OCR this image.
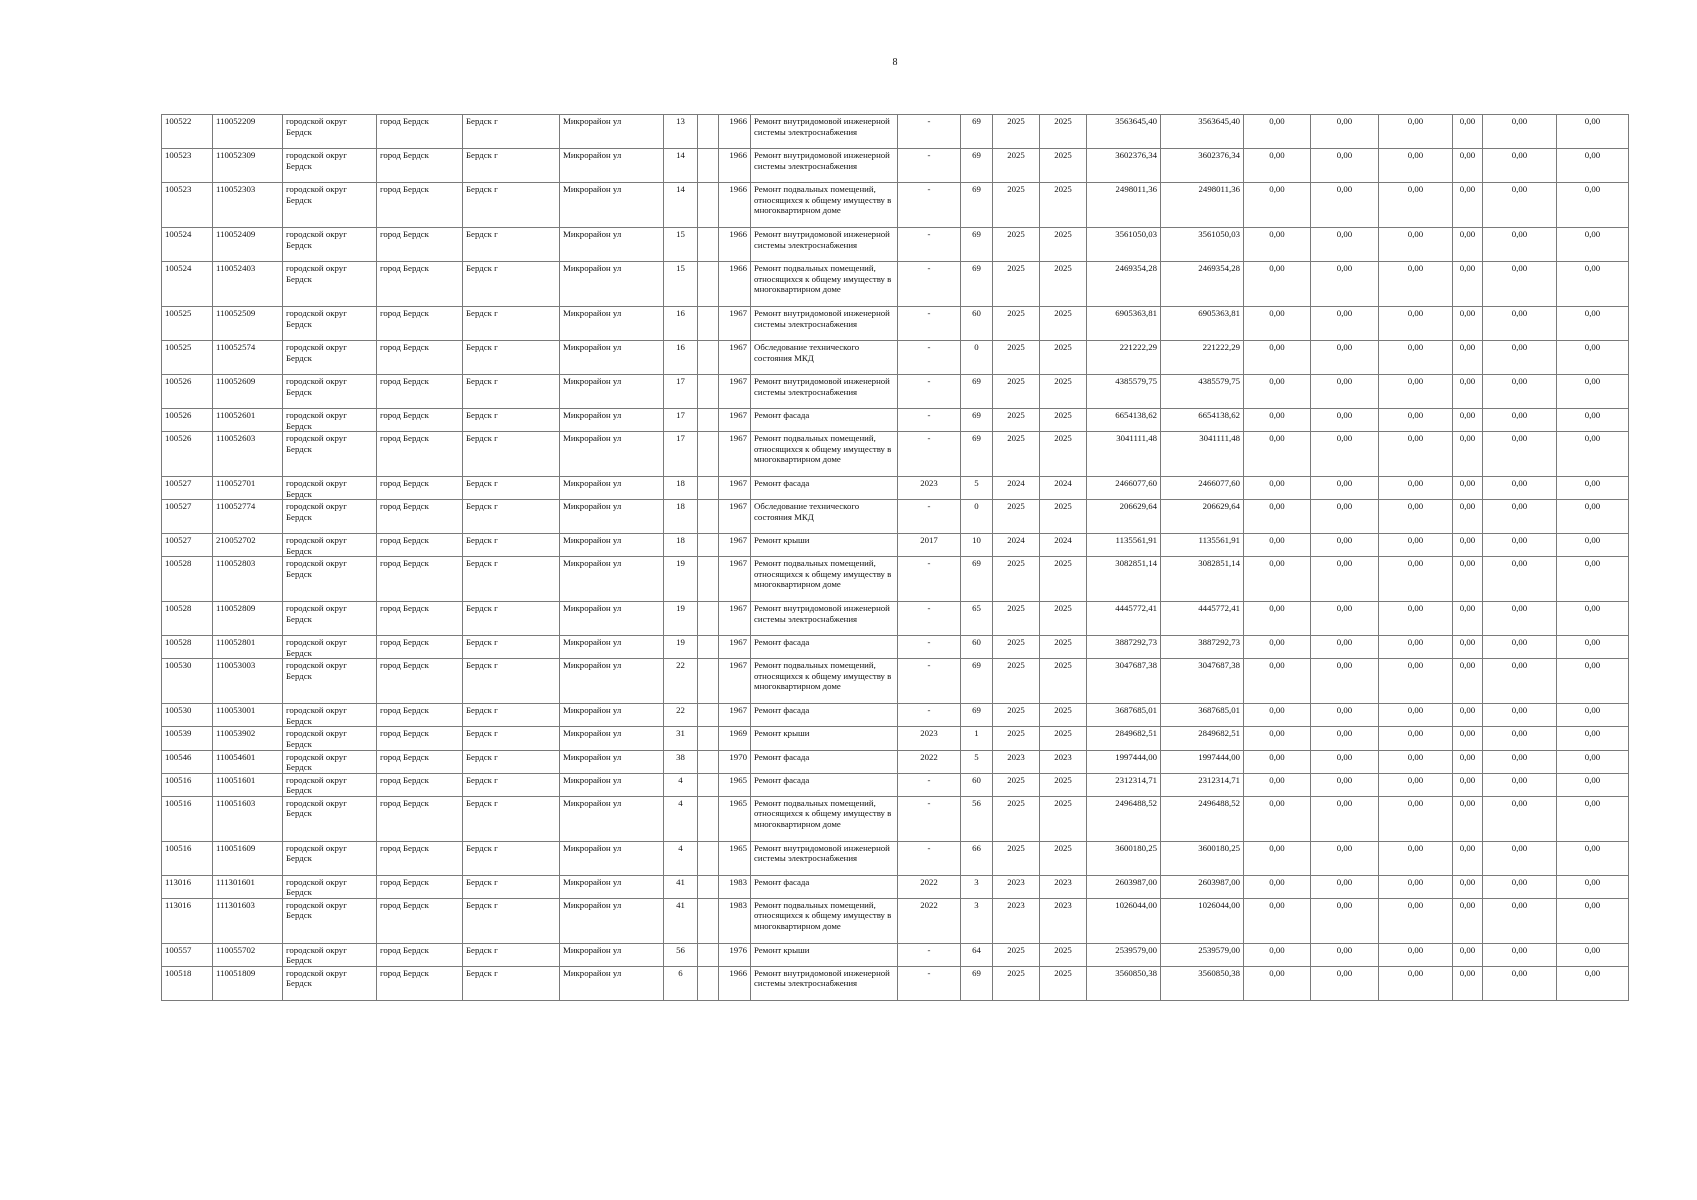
8
100522	110052209	городской округ Бердск	город Бердск	Бердск г	Микрорайон ул	13		1966	Ремонт внутридомовой инженерной системы электроснабжения	-	69	2025	2025	3563645,40	3563645,40	0,00	0,00	0,00	0,00	0,00	0,00
100523	110052309	городской округ Бердск	город Бердск	Бердск г	Микрорайон ул	14		1966	Ремонт внутридомовой инженерной системы электроснабжения	-	69	2025	2025	3602376,34	3602376,34	0,00	0,00	0,00	0,00	0,00	0,00
100523	110052303	городской округ Бердск	город Бердск	Бердск г	Микрорайон ул	14		1966	Ремонт подвальных помещений, относящихся к общему имуществу в многоквартирном доме	-	69	2025	2025	2498011,36	2498011,36	0,00	0,00	0,00	0,00	0,00	0,00
100524	110052409	городской округ Бердск	город Бердск	Бердск г	Микрорайон ул	15		1966	Ремонт внутридомовой инженерной системы электроснабжения	-	69	2025	2025	3561050,03	3561050,03	0,00	0,00	0,00	0,00	0,00	0,00
100524	110052403	городской округ Бердск	город Бердск	Бердск г	Микрорайон ул	15		1966	Ремонт подвальных помещений, относящихся к общему имуществу в многоквартирном доме	-	69	2025	2025	2469354,28	2469354,28	0,00	0,00	0,00	0,00	0,00	0,00
100525	110052509	городской округ Бердск	город Бердск	Бердск г	Микрорайон ул	16		1967	Ремонт внутридомовой инженерной системы электроснабжения	-	60	2025	2025	6905363,81	6905363,81	0,00	0,00	0,00	0,00	0,00	0,00
100525	110052574	городской округ Бердск	город Бердск	Бердск г	Микрорайон ул	16		1967	Обследование технического состояния МКД	-	0	2025	2025	221222,29	221222,29	0,00	0,00	0,00	0,00	0,00	0,00
100526	110052609	городской округ Бердск	город Бердск	Бердск г	Микрорайон ул	17		1967	Ремонт внутридомовой инженерной системы электроснабжения	-	69	2025	2025	4385579,75	4385579,75	0,00	0,00	0,00	0,00	0,00	0,00
100526	110052601	городской округ Бердск	город Бердск	Бердск г	Микрорайон ул	17		1967	Ремонт фасада	-	69	2025	2025	6654138,62	6654138,62	0,00	0,00	0,00	0,00	0,00	0,00
100526	110052603	городской округ Бердск	город Бердск	Бердск г	Микрорайон ул	17		1967	Ремонт подвальных помещений, относящихся к общему имуществу в многоквартирном доме	-	69	2025	2025	3041111,48	3041111,48	0,00	0,00	0,00	0,00	0,00	0,00
100527	110052701	городской округ Бердск	город Бердск	Бердск г	Микрорайон ул	18		1967	Ремонт фасада	2023	5	2024	2024	2466077,60	2466077,60	0,00	0,00	0,00	0,00	0,00	0,00
100527	110052774	городской округ Бердск	город Бердск	Бердск г	Микрорайон ул	18		1967	Обследование технического состояния МКД	-	0	2025	2025	206629,64	206629,64	0,00	0,00	0,00	0,00	0,00	0,00
100527	210052702	городской округ Бердск	город Бердск	Бердск г	Микрорайон ул	18		1967	Ремонт крыши	2017	10	2024	2024	1135561,91	1135561,91	0,00	0,00	0,00	0,00	0,00	0,00
100528	110052803	городской округ Бердск	город Бердск	Бердск г	Микрорайон ул	19		1967	Ремонт подвальных помещений, относящихся к общему имуществу в многоквартирном доме	-	69	2025	2025	3082851,14	3082851,14	0,00	0,00	0,00	0,00	0,00	0,00
100528	110052809	городской округ Бердск	город Бердск	Бердск г	Микрорайон ул	19		1967	Ремонт внутридомовой инженерной системы электроснабжения	-	65	2025	2025	4445772,41	4445772,41	0,00	0,00	0,00	0,00	0,00	0,00
100528	110052801	городской округ Бердск	город Бердск	Бердск г	Микрорайон ул	19		1967	Ремонт фасада	-	60	2025	2025	3887292,73	3887292,73	0,00	0,00	0,00	0,00	0,00	0,00
100530	110053003	городской округ Бердск	город Бердск	Бердск г	Микрорайон ул	22		1967	Ремонт подвальных помещений, относящихся к общему имуществу в многоквартирном доме	-	69	2025	2025	3047687,38	3047687,38	0,00	0,00	0,00	0,00	0,00	0,00
100530	110053001	городской округ Бердск	город Бердск	Бердск г	Микрорайон ул	22		1967	Ремонт фасада	-	69	2025	2025	3687685,01	3687685,01	0,00	0,00	0,00	0,00	0,00	0,00
100539	110053902	городской округ Бердск	город Бердск	Бердск г	Микрорайон ул	31		1969	Ремонт крыши	2023	1	2025	2025	2849682,51	2849682,51	0,00	0,00	0,00	0,00	0,00	0,00
100546	110054601	городской округ Бердск	город Бердск	Бердск г	Микрорайон ул	38		1970	Ремонт фасада	2022	5	2023	2023	1997444,00	1997444,00	0,00	0,00	0,00	0,00	0,00	0,00
100516	110051601	городской округ Бердск	город Бердск	Бердск г	Микрорайон ул	4		1965	Ремонт фасада	-	60	2025	2025	2312314,71	2312314,71	0,00	0,00	0,00	0,00	0,00	0,00
100516	110051603	городской округ Бердск	город Бердск	Бердск г	Микрорайон ул	4		1965	Ремонт подвальных помещений, относящихся к общему имуществу в многоквартирном доме	-	56	2025	2025	2496488,52	2496488,52	0,00	0,00	0,00	0,00	0,00	0,00
100516	110051609	городской округ Бердск	город Бердск	Бердск г	Микрорайон ул	4		1965	Ремонт внутридомовой инженерной системы электроснабжения	-	66	2025	2025	3600180,25	3600180,25	0,00	0,00	0,00	0,00	0,00	0,00
113016	111301601	городской округ Бердск	город Бердск	Бердск г	Микрорайон ул	41		1983	Ремонт фасада	2022	3	2023	2023	2603987,00	2603987,00	0,00	0,00	0,00	0,00	0,00	0,00
113016	111301603	городской округ Бердск	город Бердск	Бердск г	Микрорайон ул	41		1983	Ремонт подвальных помещений, относящихся к общему имуществу в многоквартирном доме	2022	3	2023	2023	1026044,00	1026044,00	0,00	0,00	0,00	0,00	0,00	0,00
100557	110055702	городской округ Бердск	город Бердск	Бердск г	Микрорайон ул	56		1976	Ремонт крыши	-	64	2025	2025	2539579,00	2539579,00	0,00	0,00	0,00	0,00	0,00	0,00
100518	110051809	городской округ Бердск	город Бердск	Бердск г	Микрорайон ул	6		1966	Ремонт внутридомовой инженерной системы электроснабжения	-	69	2025	2025	3560850,38	3560850,38	0,00	0,00	0,00	0,00	0,00	0,00
